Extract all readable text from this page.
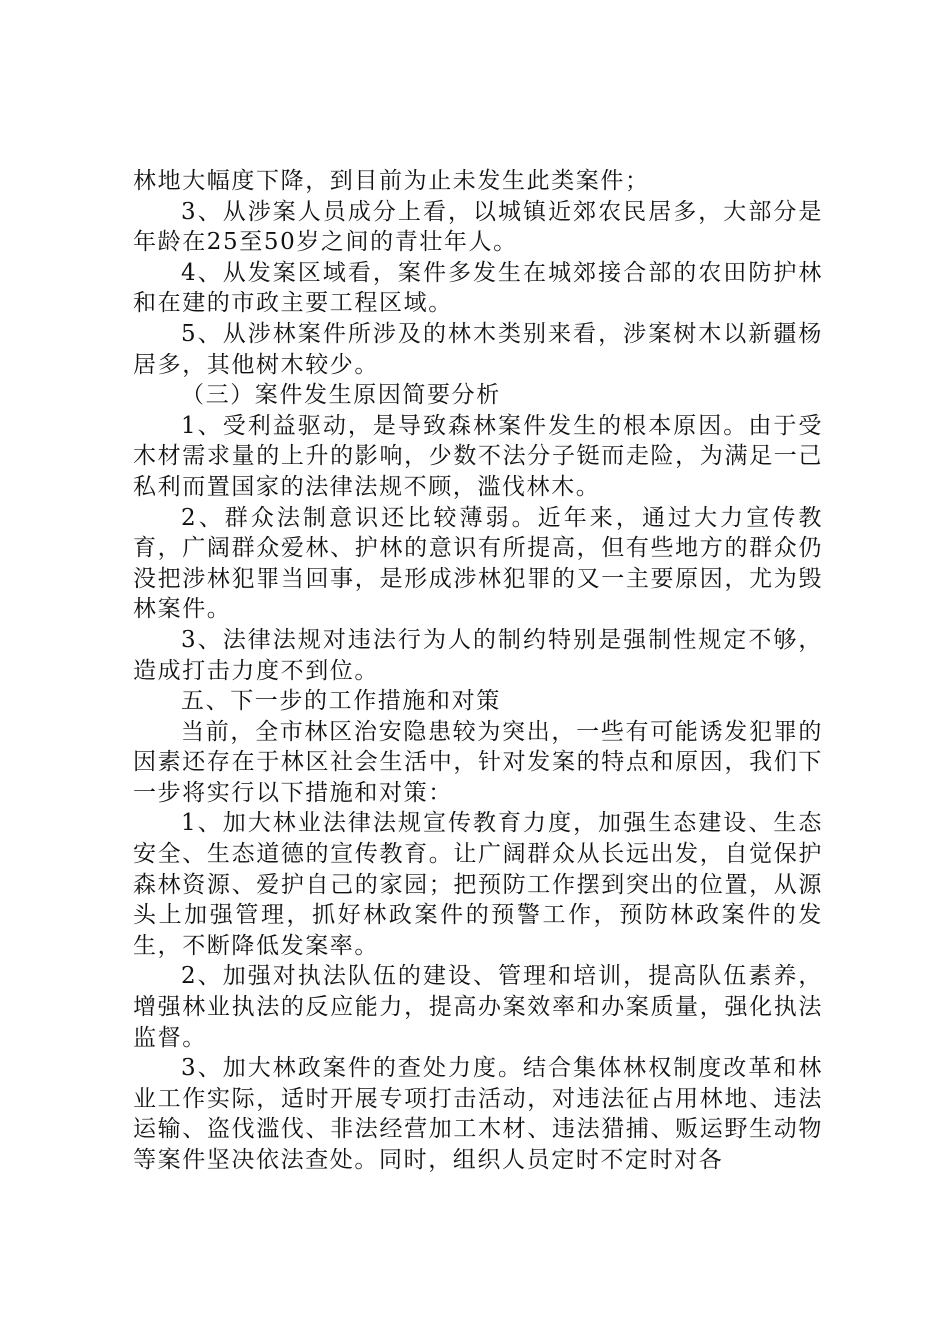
林地大幅度下降，到目前为止未发生此类案件；

3、从涉案人员成分上看，以城镇近郊农民居多，大部分是年龄在25至50岁之间的青壮年人。

4、从发案区域看，案件多发生在城郊接合部的农田防护林和在建的市政主要工程区域。

5、从涉林案件所涉及的林木类别来看，涉案树木以新疆杨居多，其他树木较少。

（三）案件发生原因简要分析

1、受利益驱动，是导致森林案件发生的根本原因。由于受木材需求量的上升的影响，少数不法分子铤而走险，为满足一己私利而置国家的法律法规不顾，滥伐林木。

2、群众法制意识还比较薄弱。近年来，通过大力宣传教育，广阔群众爱林、护林的意识有所提高，但有些地方的群众仍没把涉林犯罪当回事，是形成涉林犯罪的又一主要原因，尤为毁林案件。

3、法律法规对违法行为人的制约特别是强制性规定不够，造成打击力度不到位。

五、下一步的工作措施和对策

当前，全市林区治安隐患较为突出，一些有可能诱发犯罪的因素还存在于林区社会生活中，针对发案的特点和原因，我们下一步将实行以下措施和对策：

1、加大林业法律法规宣传教育力度，加强生态建设、生态安全、生态道德的宣传教育。让广阔群众从长远出发，自觉保护森林资源、爱护自己的家园；把预防工作摆到突出的位置，从源头上加强管理，抓好林政案件的预警工作，预防林政案件的发生，不断降低发案率。

2、加强对执法队伍的建设、管理和培训，提高队伍素养，增强林业执法的反应能力，提高办案效率和办案质量，强化执法监督。

3、加大林政案件的查处力度。结合集体林权制度改革和林业工作实际，适时开展专项打击活动，对违法征占用林地、违法运输、盗伐滥伐、非法经营加工木材、违法猎捕、贩运野生动物等案件坚决依法查处。同时，组织人员定时不定时对各
